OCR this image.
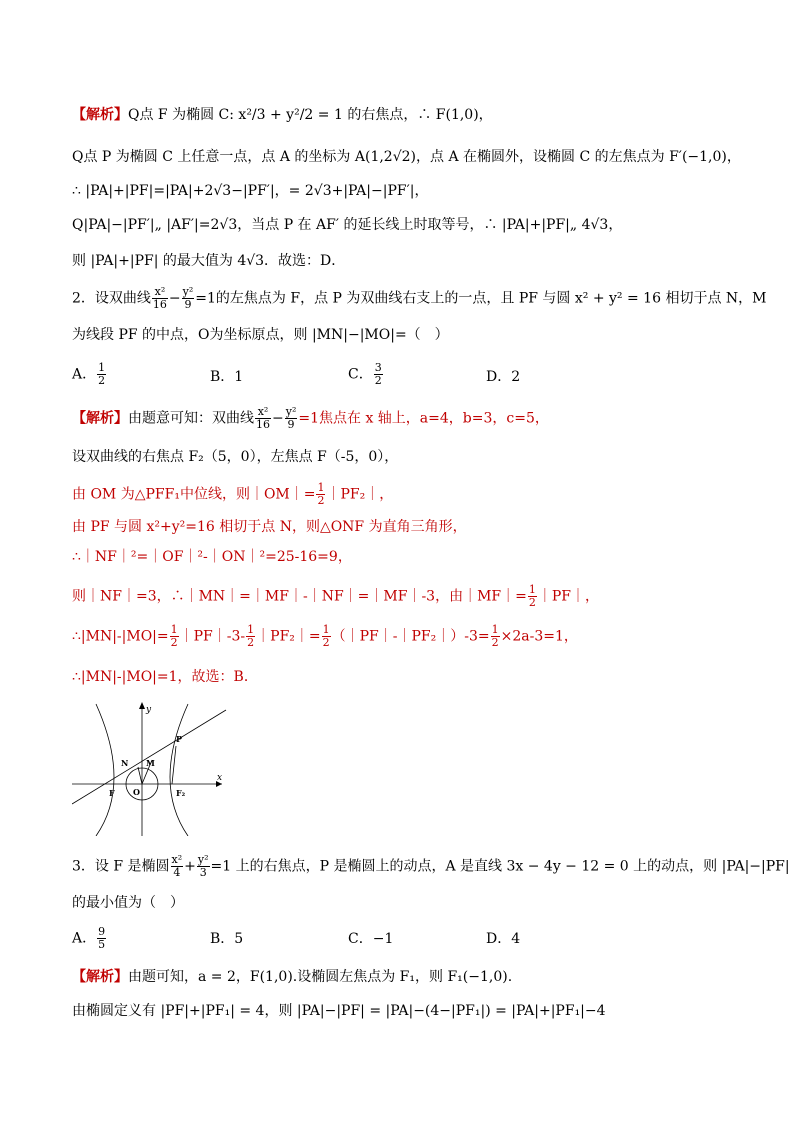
【解析】Q点 F 为椭圆 C: x²/3 + y²/2 = 1 的右焦点，∴ F(1,0)，
Q点 P 为椭圆 C 上任意一点，点 A 的坐标为 A(1,2√2)，点 A 在椭圆外，设椭圆 C 的左焦点为 F′(−1,0)，
∴ |PA|+|PF|=|PA|+2√3−|PF′|，= 2√3+|PA|−|PF′|，
Q|PA|−|PF′|„ |AF′|=2√3，当点 P 在 AF′ 的延长线上时取等号，∴ |PA|+|PF|„ 4√3，
则 |PA|+|PF| 的最大值为 4√3．故选：D．
2．设双曲线 $\frac{\text{x²}}{16} - \frac{\text{y²}}{9} =1$的左焦点为 F，点 P 为双曲线右支上的一点，且 PF 与圆 x² + y² = 16 相切于点 N，M
为线段 PF 的中点，O为坐标原点，则 |MN|−|MO|=（　）
A． $\frac{1}{2}$	B．1	C． $\frac{3}{2}$	D．2
【解析】由题意可知：双曲线 $\frac{\text{x²}}{16} - \frac{\text{y²}}{9} =1$焦点在 x 轴上，a=4，b=3，c=5，
设双曲线的右焦点 F₂（5，0），左焦点 F（-5，0），
由 OM 为△PFF₁中位线，则｜OM｜= $\frac{1}{2}$ ｜PF₂｜，
由 PF 与圆 x²+y²=16 相切于点 N，则△ONF 为直角三角形，
∴｜NF｜²=｜OF｜²-｜ON｜²=25-16=9，
则｜NF｜=3，∴｜MN｜=｜MF｜-｜NF｜=｜MF｜-3，由｜MF｜= $\frac{1}{2}$ ｜PF｜，
∴|MN|-|MO|= $\frac{1}{2}$ ｜PF｜-3- $\frac{1}{2}$ ｜PF₂｜= $\frac{1}{2}$ （｜PF｜-｜PF₂｜）-3= $\frac{1}{2} \times 2a-3=1$，
∴|MN|-|MO|=1，故选：B．
y
x
P
N M
F O	F₂
3．设 F 是椭圆 $\frac{\text{x²}}{4} + \frac{\text{y²}}{3} =1$ 上的右焦点，P 是椭圆上的动点，A 是直线 3x − 4y − 12 = 0 上的动点，则 |PA|−|PF|
的最小值为（　）
A． $\frac{9}{5}$	B．5	C．−1	D．4
【解析】由题可知，a = 2，F(1,0).设椭圆左焦点为 F₁，则 F₁(−1,0).
由椭圆定义有 |PF|+|PF₁| = 4，则 |PA|−|PF| = |PA|−(4−|PF₁|) = |PA|+|PF₁|−4
